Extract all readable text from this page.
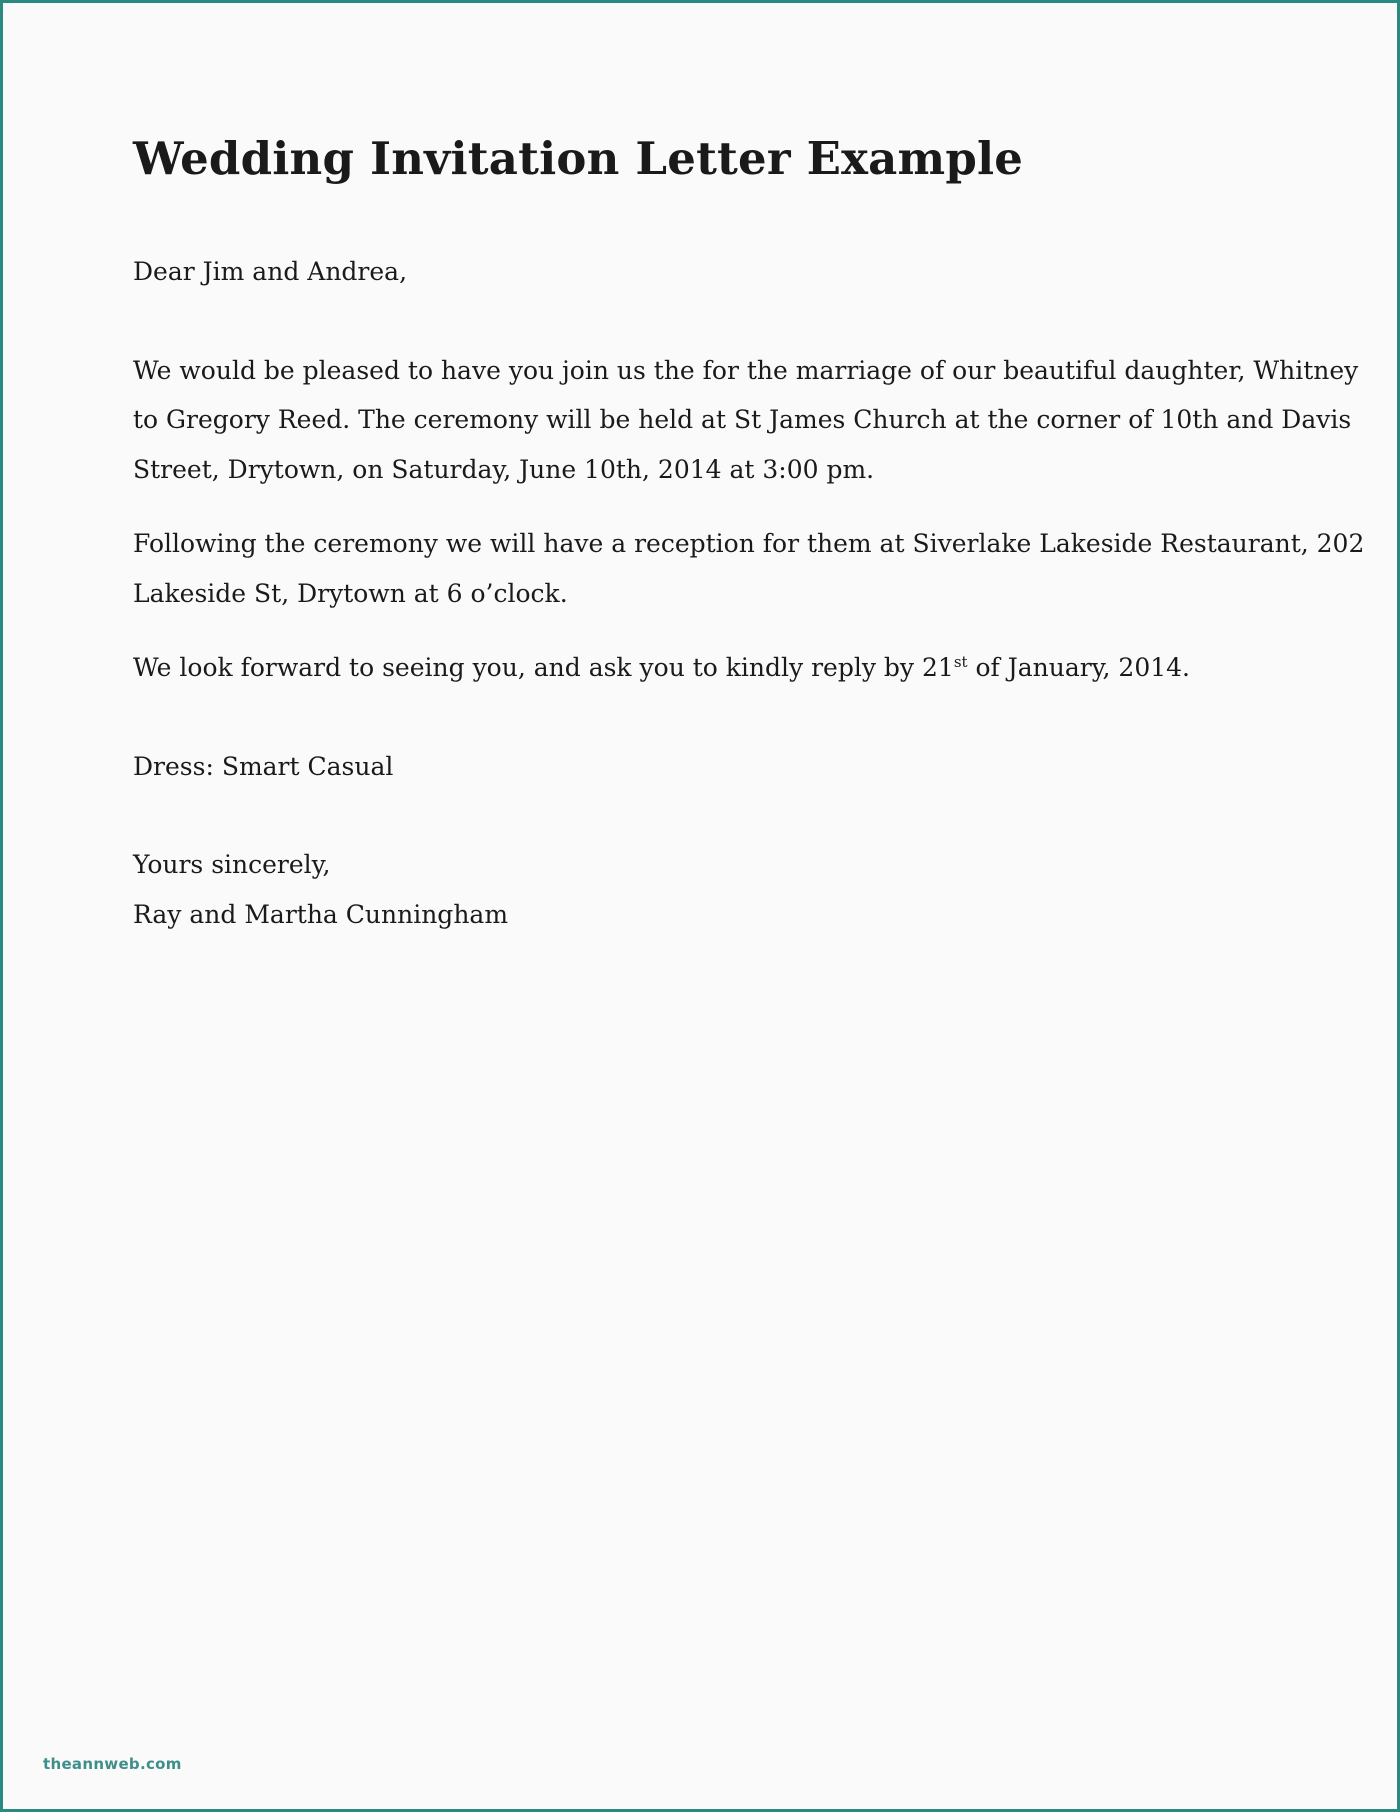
Wedding Invitation Letter Example

Dear Jim and Andrea,

We would be pleased to have you join us the for the marriage of our beautiful daughter, Whitney
to Gregory Reed. The ceremony will be held at St James Church at the corner of 10th and Davis
Street, Drytown, on Saturday, June 10th, 2014 at 3:00 pm.
Following the ceremony we will have a reception for them at Siverlake Lakeside Restaurant, 202
Lakeside St, Drytown at 6 o’clock.

We look forward to seeing you, and ask you to kindly reply by 21st of January, 2014.

Dress: Smart Casual

Yours sincerely,

Ray and Martha Cunningham

theannweb.com
